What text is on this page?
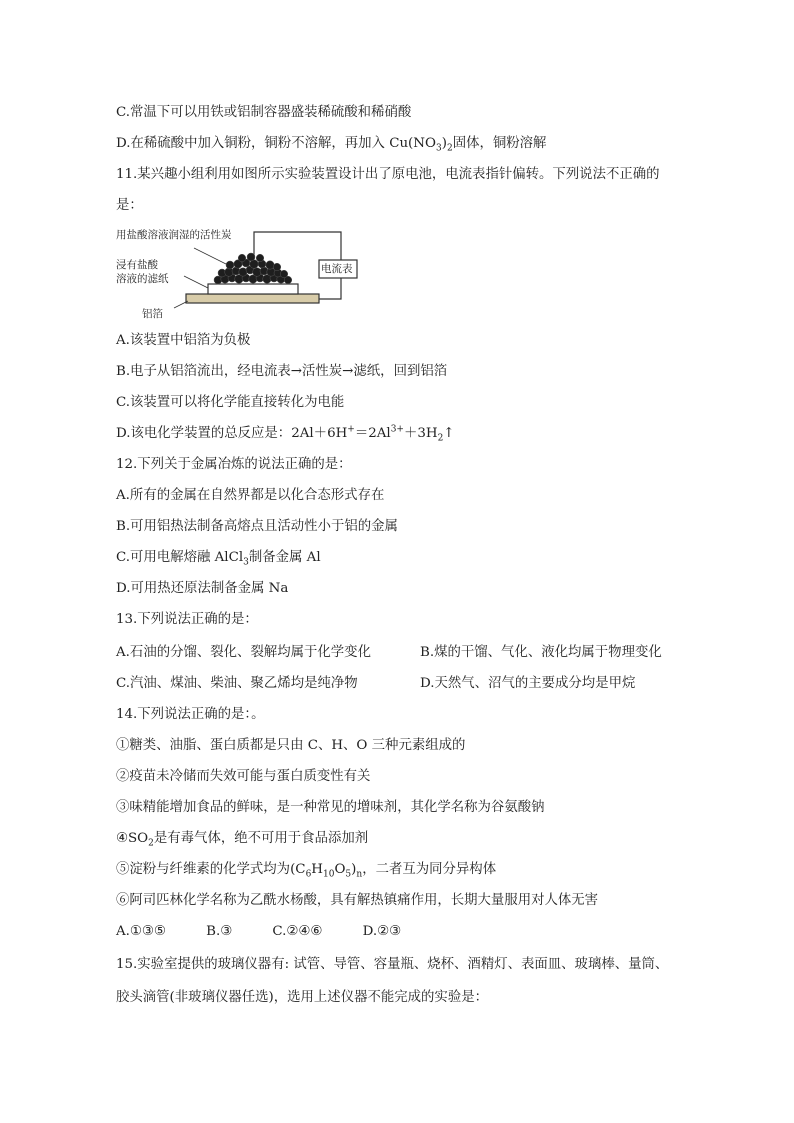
C.常温下可以用铁或铝制容器盛装稀硫酸和稀硝酸
D.在稀硫酸中加入铜粉，铜粉不溶解，再加入 $Cu(NO_3)_2$固体，铜粉溶解
11.某兴趣小组利用如图所示实验装置设计出了原电池，电流表指针偏转。下列说法不正确的
是：
用盐酸溶液润湿的活性炭
浸有盐酸
溶液的滤纸
电流表
铝箔
A.该装置中铝箔为负极
B.电子从铝箔流出，经电流表→活性炭→滤纸，回到铝箔
C.该装置可以将化学能直接转化为电能
D.该电化学装置的总反应是：$2Al+6H^+=2Al^{3+}+3H_2↑$
12.下列关于金属冶炼的说法正确的是：
A.所有的金属在自然界都是以化合态形式存在
B.可用铝热法制备高熔点且活动性小于铝的金属
C.可用电解熔融 AlCl$_3$制备金属 Al
D.可用热还原法制备金属 Na
13.下列说法正确的是：
A.石油的分馏、裂化、裂解均属于化学变化	B.煤的干馏、气化、液化均属于物理变化
C.汽油、煤油、柴油、聚乙烯均是纯净物	D.天然气、沼气的主要成分均是甲烷
14.下列说法正确的是：。
①糖类、油脂、蛋白质都是只由 C、H、O 三种元素组成的
②疫苗未冷储而失效可能与蛋白质变性有关
③味精能增加食品的鲜味，是一种常见的增味剂，其化学名称为谷氨酸钠
$④SO_2$是有毒气体，绝不可用于食品添加剂
⑤淀粉与纤维素的化学式均为$(C_6H_{10}O_5)_n$，二者互为同分异构体
⑥阿司匹林化学名称为乙酰水杨酸，具有解热镇痛作用，长期大量服用对人体无害
A.①③⑤　　　B.③　　　C.②④⑥　　　D.②③
15.实验室提供的玻璃仪器有: 试管、导管、容量瓶、烧杯、酒精灯、表面皿、玻璃棒、量筒、
胶头滴管(非玻璃仪器任选)，选用上述仪器不能完成的实验是：
